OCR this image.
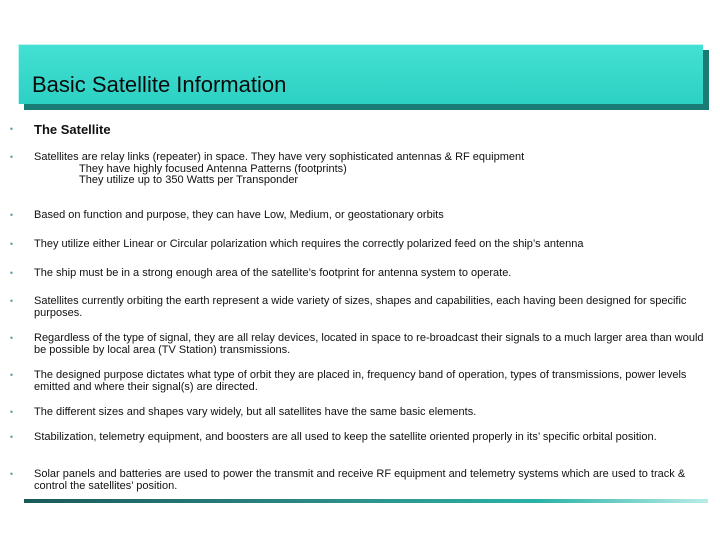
Basic Satellite Information
• The Satellite
• Satellites are relay links (repeater) in space. They have very sophisticated antennas & RF equipment
They have highly focused Antenna Patterns (footprints)
They utilize up to 350 Watts per Transponder
• Based on function and purpose, they can have Low, Medium, or geostationary orbits
• They utilize either Linear or Circular polarization which requires the correctly polarized feed on the ship’s antenna
• The ship must be in a strong enough area of the satellite’s footprint for antenna system to operate.
• Satellites currently orbiting the earth represent a wide variety of sizes, shapes and capabilities, each having been designed for specific purposes.
• Regardless of the type of signal, they are all relay devices, located in space to re-broadcast their signals to a much larger area than would be possible by local area (TV Station) transmissions.
• The designed purpose dictates what type of orbit they are placed in, frequency band of operation, types of transmissions, power levels emitted and where their signal(s) are directed.
• The different sizes and shapes vary widely, but all satellites have the same basic elements.
• Stabilization, telemetry equipment, and boosters are all used to keep the satellite oriented properly in its’ specific orbital position.
• Solar panels and batteries are used to power the transmit and receive RF equipment and telemetry systems which are used to track & control the satellites’ position.
